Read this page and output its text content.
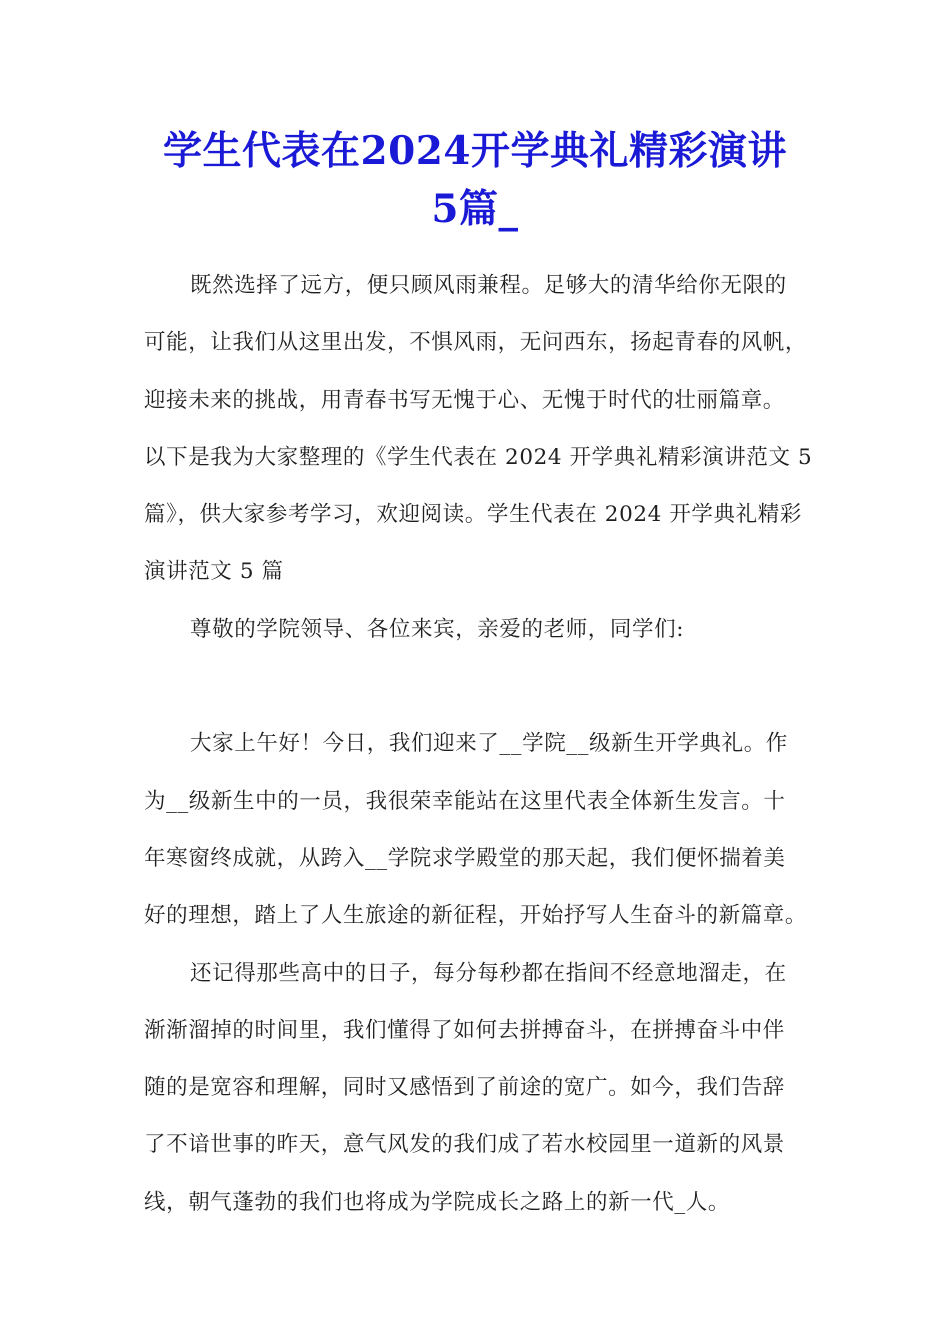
学生代表在2024开学典礼精彩演讲
5篇_
既然选择了远方，便只顾风雨兼程。足够大的清华给你无限的
可能，让我们从这里出发，不惧风雨，无问西东，扬起青春的风帆，
迎接未来的挑战，用青春书写无愧于心、无愧于时代的壮丽篇章。
以下是我为大家整理的《学生代表在 2024 开学典礼精彩演讲范文 5
篇》，供大家参考学习，欢迎阅读。学生代表在 2024 开学典礼精彩
演讲范文 5 篇
尊敬的学院领导、各位来宾，亲爱的老师，同学们:
大家上午好！今日，我们迎来了__学院__级新生开学典礼。作
为__级新生中的一员，我很荣幸能站在这里代表全体新生发言。十
年寒窗终成就，从跨入__学院求学殿堂的那天起，我们便怀揣着美
好的理想，踏上了人生旅途的新征程，开始抒写人生奋斗的新篇章。
还记得那些高中的日子，每分每秒都在指间不经意地溜走，在
渐渐溜掉的时间里，我们懂得了如何去拼搏奋斗，在拼搏奋斗中伴
随的是宽容和理解，同时又感悟到了前途的宽广。如今，我们告辞
了不谙世事的昨天，意气风发的我们成了若水校园里一道新的风景
线，朝气蓬勃的我们也将成为学院成长之路上的新一代_人。
